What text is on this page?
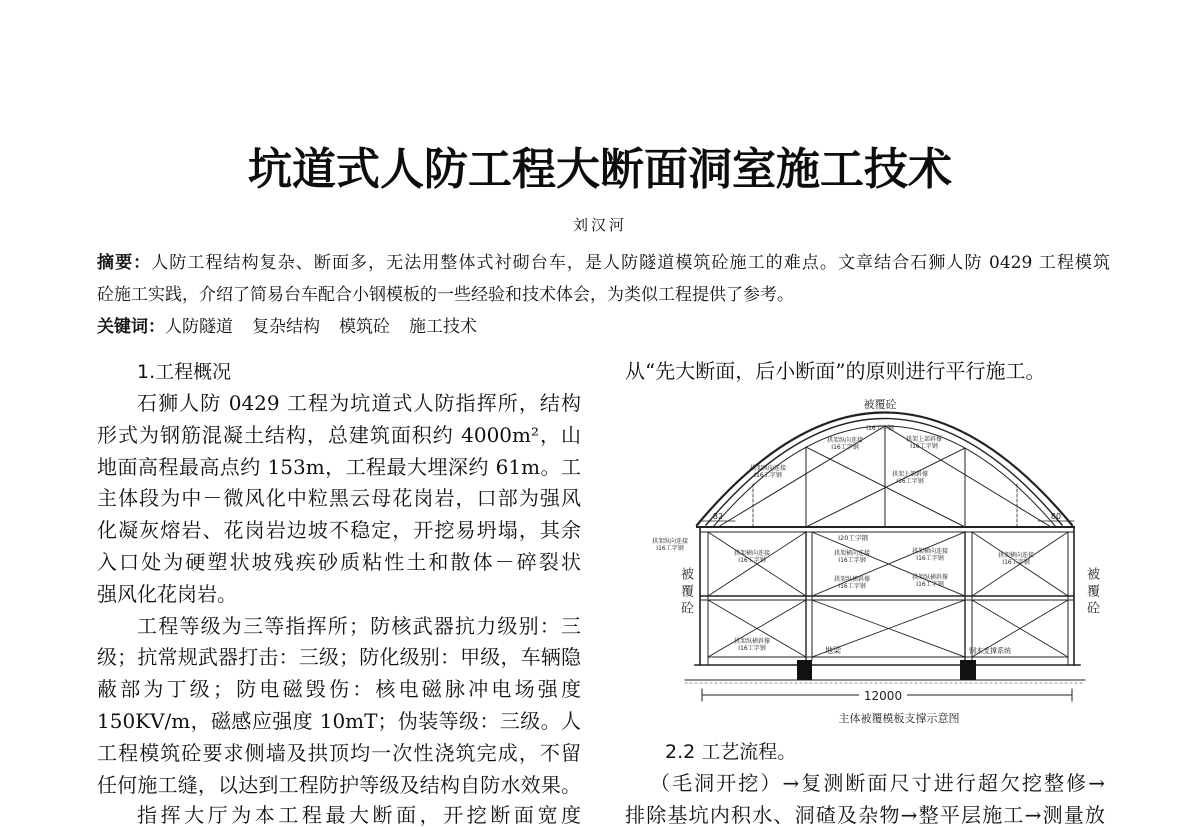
坑道式人防工程大断面洞室施工技术
刘汉河
摘要：人防工程结构复杂、断面多，无法用整体式衬砌台车，是人防隧道模筑砼施工的难点。文章结合石狮人防 0429 工程模筑
砼施工实践，介绍了简易台车配合小钢模板的一些经验和技术体会，为类似工程提供了参考。
关键词：人防隧道 复杂结构 模筑砼 施工技术
1.工程概况
石狮人防 0429 工程为坑道式人防指挥所，结构
形式为钢筋混凝土结构，总建筑面积约 4000m²，山
地面高程最高点约 153m，工程最大埋深约 61m。工
主体段为中－微风化中粒黑云母花岗岩，口部为强风
化凝灰熔岩、花岗岩边坡不稳定，开挖易坍塌，其余
入口处为硬塑状坡残疾砂质粘性土和散体－碎裂状
强风化花岗岩。
工程等级为三等指挥所；防核武器抗力级别：三
级；抗常规武器打击：三级；防化级别：甲级，车辆隐
蔽部为丁级；防电磁毁伤：核电磁脉冲电场强度
150KV/m，磁感应强度 10mT；伪装等级：三级。人
工程模筑砼要求侧墙及拱顶均一次性浇筑完成，不留
任何施工缝，以达到工程防护等级及结构自防水效果。
指挥大厅为本工程最大断面，开挖断面宽度
从“先大断面，后小断面”的原则进行平行施工。
被覆砼
82	80
I16工字钢
I20工字钢
拱架纵向连接
I16工字钢
拱架上部斜撑
I16工字钢
拱架纵向连接
I16工字钢	拱架上部斜撑
I16工字钢
拱架纵向连接
I16工字钢
拱架横向连接
I16工字钢
拱架横向连接
I16工字钢
拱架横向连接
I16工字钢	拱架横向连接
I16工字钢
拱架纵横斜撑
I16工字钢
拱架纵横斜撑
I16工字钢
拱架纵横斜撑
I16工字钢	地梁	钢木支撑系统
12000
主体被覆模板支撑示意图
被覆砼	被覆砼
2.2 工艺流程。
（毛洞开挖）→复测断面尺寸进行超欠挖整修→
排除基坑内积水、洞碴及杂物→整平层施工→测量放
